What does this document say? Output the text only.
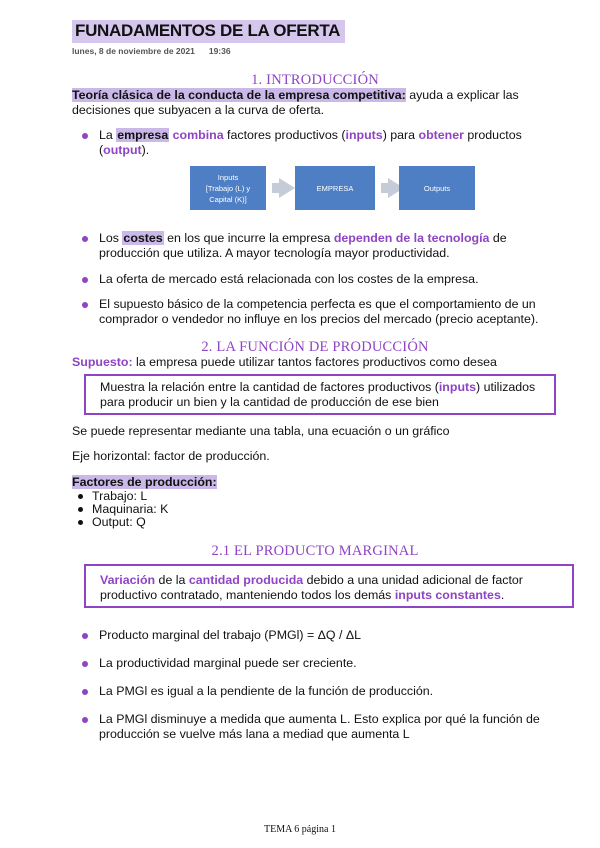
FUNADAMENTOS DE LA OFERTA
lunes, 8 de noviembre de 2021 19:36
1. INTRODUCCIÓN
Teoría clásica de la conducta de la empresa competitiva: ayuda a explicar las decisiones que subyacen a la curva de oferta.
La empresa combina factores productivos (inputs) para obtener productos (output).
Inputs
[Trabajo (L) y
Capital (K)]
EMPRESA	Outputs
Los costes en los que incurre la empresa dependen de la tecnología de producción que utiliza. A mayor tecnología mayor productividad.
La oferta de mercado está relacionada con los costes de la empresa.
El supuesto básico de la competencia perfecta es que el comportamiento de un comprador o vendedor no influye en los precios del mercado (precio aceptante).
2. LA FUNCIÓN DE PRODUCCIÓN
Supuesto: la empresa puede utilizar tantos factores productivos como desea
Muestra la relación entre la cantidad de factores productivos (inputs) utilizados para producir un bien y la cantidad de producción de ese bien
Se puede representar mediante una tabla, una ecuación o un gráfico
Eje horizontal: factor de producción.
Factores de producción:
Trabajo: L
Maquinaria: K
Output: Q
2.1 EL PRODUCTO MARGINAL
Variación de la cantidad producida debido a una unidad adicional de factor productivo contratado, manteniendo todos los demás inputs constantes.
Producto marginal del trabajo (PMGl) = ΔQ / ΔL
La productividad marginal puede ser creciente.
La PMGl es igual a la pendiente de la función de producción.
La PMGl disminuye a medida que aumenta L. Esto explica por qué la función de producción se vuelve más lana a mediad que aumenta L
TEMA 6 página 1
